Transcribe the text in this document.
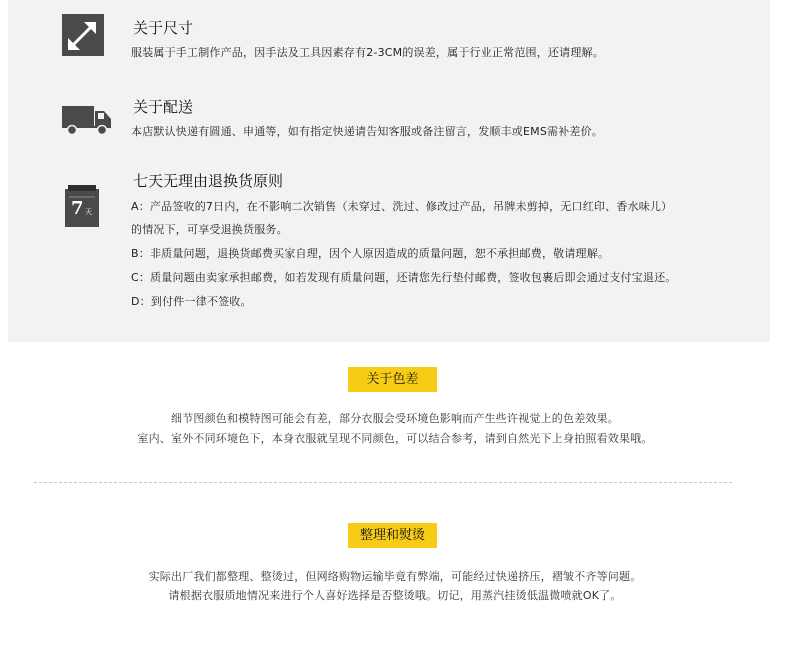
关于尺寸
服装属于手工制作产品，因手法及工具因素存有2-3CM的误差，属于行业正常范围，还请理解。
关于配送
本店默认快递有圆通、申通等，如有指定快递请告知客服或备注留言，发顺丰或EMS需补差价。
7 天
七天无理由退换货原则
A：产品签收的7日内，在不影响二次销售（未穿过、洗过、修改过产品，吊牌未剪掉，无口红印、香水味儿）
的情况下，可享受退换货服务。
B：非质量问题，退换货邮费买家自理，因个人原因造成的质量问题，恕不承担邮费，敬请理解。
C：质量问题由卖家承担邮费，如若发现有质量问题，还请您先行垫付邮费，签收包裹后即会通过支付宝退还。
D：到付件一律不签收。
关于色差
细节图颜色和模特图可能会有差，部分衣服会受环境色影响而产生些许视觉上的色差效果。
室内、室外不同环境色下，本身衣服就呈现不同颜色，可以结合参考，请到自然光下上身拍照看效果哦。
整理和熨烫
实际出厂我们都整理、整烫过，但网络购物运输毕竟有弊端，可能经过快递挤压，褶皱不齐等问题。
请根据衣服质地情况来进行个人喜好选择是否整烫哦。切记，用蒸汽挂烫低温微喷就OK了。
